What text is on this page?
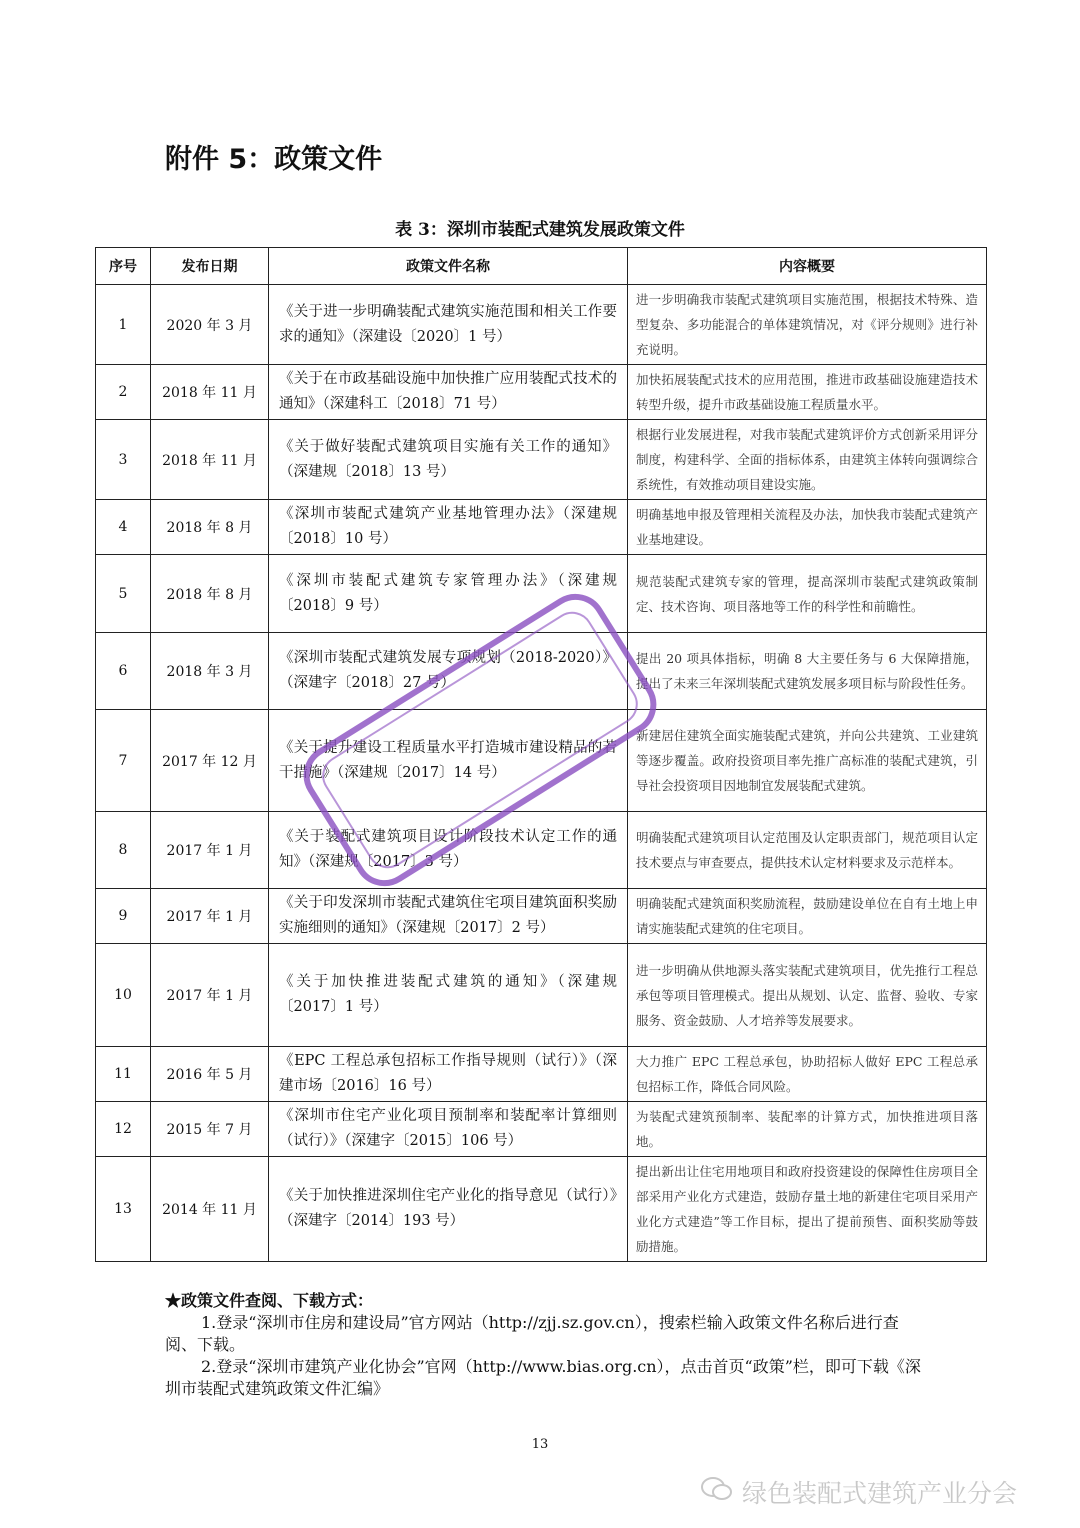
附件 5：政策文件
表 3：深圳市装配式建筑发展政策文件
序号	发布日期	政策文件名称	内容概要
1	2020 年 3 月	《关于进一步明确装配式建筑实施范围和相关工作要求的通知》（深建设〔2020〕1 号）	进一步明确我市装配式建筑项目实施范围，根据技术特殊、造型复杂、多功能混合的单体建筑情况，对《评分规则》进行补充说明。
2	2018 年 11 月	《关于在市政基础设施中加快推广应用装配式技术的通知》（深建科工〔2018〕71 号）	加快拓展装配式技术的应用范围，推进市政基础设施建造技术转型升级，提升市政基础设施工程质量水平。
3	2018 年 11 月	《关于做好装配式建筑项目实施有关工作的通知》（深建规〔2018〕13 号）	根据行业发展进程，对我市装配式建筑评价方式创新采用评分制度，构建科学、全面的指标体系，由建筑主体转向强调综合系统性，有效推动项目建设实施。
4	2018 年 8 月	《深圳市装配式建筑产业基地管理办法》（深建规〔2018〕10 号）	明确基地申报及管理相关流程及办法，加快我市装配式建筑产业基地建设。
5	2018 年 8 月	《深圳市装配式建筑专家管理办法》（深建规〔2018〕9 号）	规范装配式建筑专家的管理，提高深圳市装配式建筑政策制定、技术咨询、项目落地等工作的科学性和前瞻性。
6	2018 年 3 月	《深圳市装配式建筑发展专项规划（2018-2020）》（深建字〔2018〕27 号）	提出 20 项具体指标，明确 8 大主要任务与 6 大保障措施，提出了未来三年深圳装配式建筑发展多项目标与阶段性任务。
7	2017 年 12 月	《关于提升建设工程质量水平打造城市建设精品的若干措施》（深建规〔2017〕14 号）	新建居住建筑全面实施装配式建筑，并向公共建筑、工业建筑等逐步覆盖。政府投资项目率先推广高标准的装配式建筑，引导社会投资项目因地制宜发展装配式建筑。
8	2017 年 1 月	《关于装配式建筑项目设计阶段技术认定工作的通知》（深建规〔2017〕3 号）	明确装配式建筑项目认定范围及认定职责部门，规范项目认定技术要点与审查要点，提供技术认定材料要求及示范样本。
9	2017 年 1 月	《关于印发深圳市装配式建筑住宅项目建筑面积奖励实施细则的通知》（深建规〔2017〕2 号）	明确装配式建筑面积奖励流程，鼓励建设单位在自有土地上申请实施装配式建筑的住宅项目。
10	2017 年 1 月	《关于加快推进装配式建筑的通知》（深建规〔2017〕1 号）	进一步明确从供地源头落实装配式建筑项目，优先推行工程总承包等项目管理模式。提出从规划、认定、监督、验收、专家服务、资金鼓励、人才培养等发展要求。
11	2016 年 5 月	《EPC 工程总承包招标工作指导规则（试行）》（深建市场〔2016〕16 号）	大力推广 EPC 工程总承包，协助招标人做好 EPC 工程总承包招标工作，降低合同风险。
12	2015 年 7 月	《深圳市住宅产业化项目预制率和装配率计算细则（试行）》（深建字〔2015〕106 号）	为装配式建筑预制率、装配率的计算方式，加快推进项目落地。
13	2014 年 11 月	《关于加快推进深圳住宅产业化的指导意见（试行）》（深建字〔2014〕193 号）	提出新出让住宅用地项目和政府投资建设的保障性住房项目全部采用产业化方式建造，鼓励存量土地的新建住宅项目采用产业化方式建造”等工作目标，提出了提前预售、面积奖励等鼓励措施。
★政策文件查阅、下载方式：

1.登录“深圳市住房和建设局”官方网站（http://zjj.sz.gov.cn），搜索栏输入政策文件名称后进行查阅、下载。

2.登录“深圳市建筑产业化协会”官网（http://www.bias.org.cn），点击首页“政策”栏，即可下载《深圳市装配式建筑政策文件汇编》

13
绿色装配式建筑产业分会
